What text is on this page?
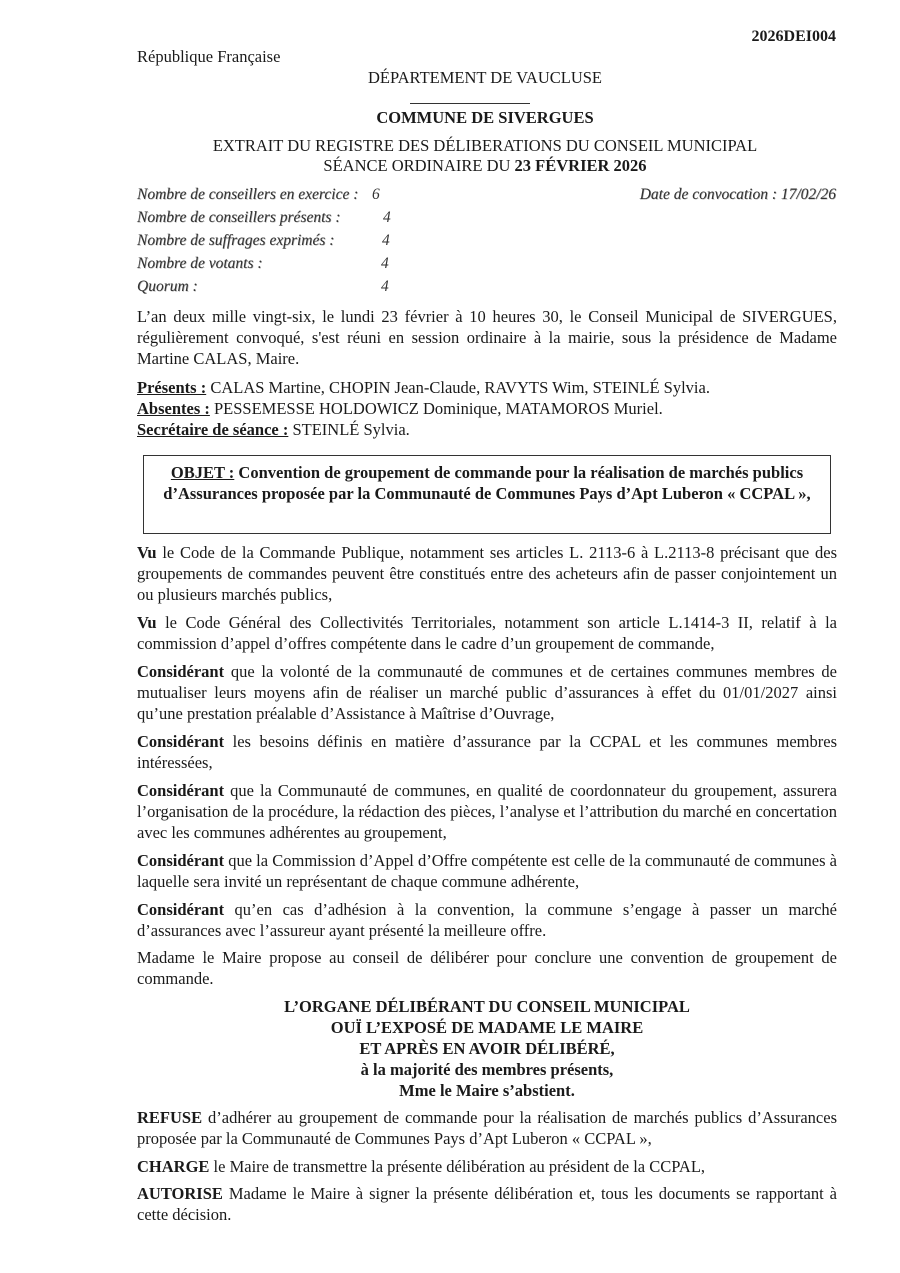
2026DEI004
République Française
DÉPARTEMENT DE VAUCLUSE
COMMUNE DE SIVERGUES
EXTRAIT DU REGISTRE DES DÉLIBERATIONS DU CONSEIL MUNICIPAL
SÉANCE ORDINAIRE DU 23 FÉVRIER 2026
Nombre de conseillers en exercice : 6
Nombre de conseillers présents :	4
Nombre de suffrages exprimés :	4
Nombre de votants :	4
Quorum :	4
Date de convocation : 17/02/26
L’an deux mille vingt-six, le lundi 23 février à 10 heures 30, le Conseil Municipal de SIVERGUES, régulièrement convoqué, s'est réuni en session ordinaire à la mairie, sous la présidence de Madame Martine CALAS, Maire.
Présents : CALAS Martine, CHOPIN Jean-Claude, RAVYTS Wim, STEINLÉ Sylvia.
Absentes : PESSEMESSE HOLDOWICZ Dominique, MATAMOROS Muriel.
Secrétaire de séance : STEINLÉ Sylvia.
OBJET : Convention de groupement de commande pour la réalisation de marchés publics d’Assurances proposée par la Communauté de Communes Pays d’Apt Luberon « CCPAL »,
Vu le Code de la Commande Publique, notamment ses articles L. 2113-6 à L.2113-8 précisant que des groupements de commandes peuvent être constitués entre des acheteurs afin de passer conjointement un ou plusieurs marchés publics,
Vu le Code Général des Collectivités Territoriales, notamment son article L.1414-3 II, relatif à la commission d’appel d’offres compétente dans le cadre d’un groupement de commande,
Considérant que la volonté de la communauté de communes et de certaines communes membres de mutualiser leurs moyens afin de réaliser un marché public d’assurances à effet du 01/01/2027 ainsi qu’une prestation préalable d’Assistance à Maîtrise d’Ouvrage,
Considérant les besoins définis en matière d’assurance par la CCPAL et les communes membres intéressées,
Considérant que la Communauté de communes, en qualité de coordonnateur du groupement, assurera l’organisation de la procédure, la rédaction des pièces, l’analyse et l’attribution du marché en concertation avec les communes adhérentes au groupement,
Considérant que la Commission d’Appel d’Offre compétente est celle de la communauté de communes à laquelle sera invité un représentant de chaque commune adhérente,
Considérant qu’en cas d’adhésion à la convention, la commune s’engage à passer un marché d’assurances avec l’assureur ayant présenté la meilleure offre.
Madame le Maire propose au conseil de délibérer pour conclure une convention de groupement de commande.
L’ORGANE DÉLIBÉRANT DU CONSEIL MUNICIPAL
OUÏ L’EXPOSÉ DE MADAME LE MAIRE
ET APRÈS EN AVOIR DÉLIBÉRÉ,
à la majorité des membres présents,
Mme le Maire s’abstient.
REFUSE d’adhérer au groupement de commande pour la réalisation de marchés publics d’Assurances proposée par la Communauté de Communes Pays d’Apt Luberon « CCPAL »,
CHARGE le Maire de transmettre la présente délibération au président de la CCPAL,
AUTORISE Madame le Maire à signer la présente délibération et, tous les documents se rapportant à cette décision.
